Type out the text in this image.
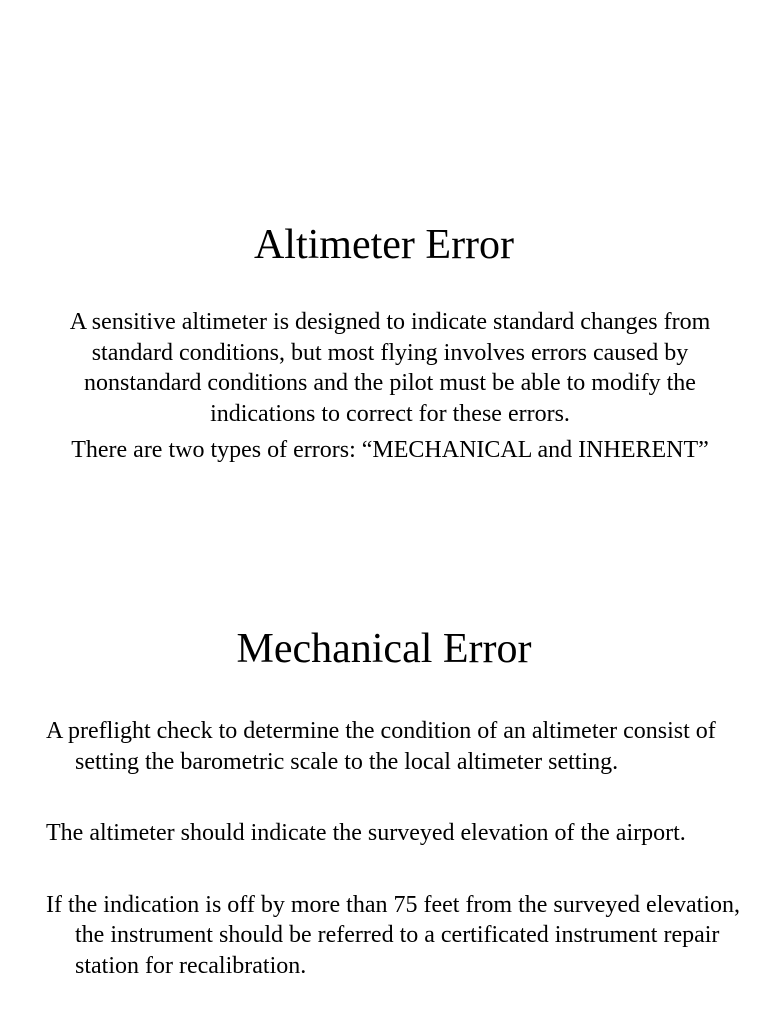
Altimeter Error

A sensitive altimeter is designed to indicate standard changes from standard conditions, but most flying involves errors caused by nonstandard conditions and the pilot must be able to modify the indications to correct for these errors.

There are two types of errors: “MECHANICAL and INHERENT”

Mechanical Error

A preflight check to determine the condition of an altimeter consist of setting the barometric scale to the local altimeter setting.

The altimeter should indicate the surveyed elevation of the airport.

If the indication is off by more than 75 feet from the surveyed elevation, the instrument should be referred to a certificated instrument repair station for recalibration.
